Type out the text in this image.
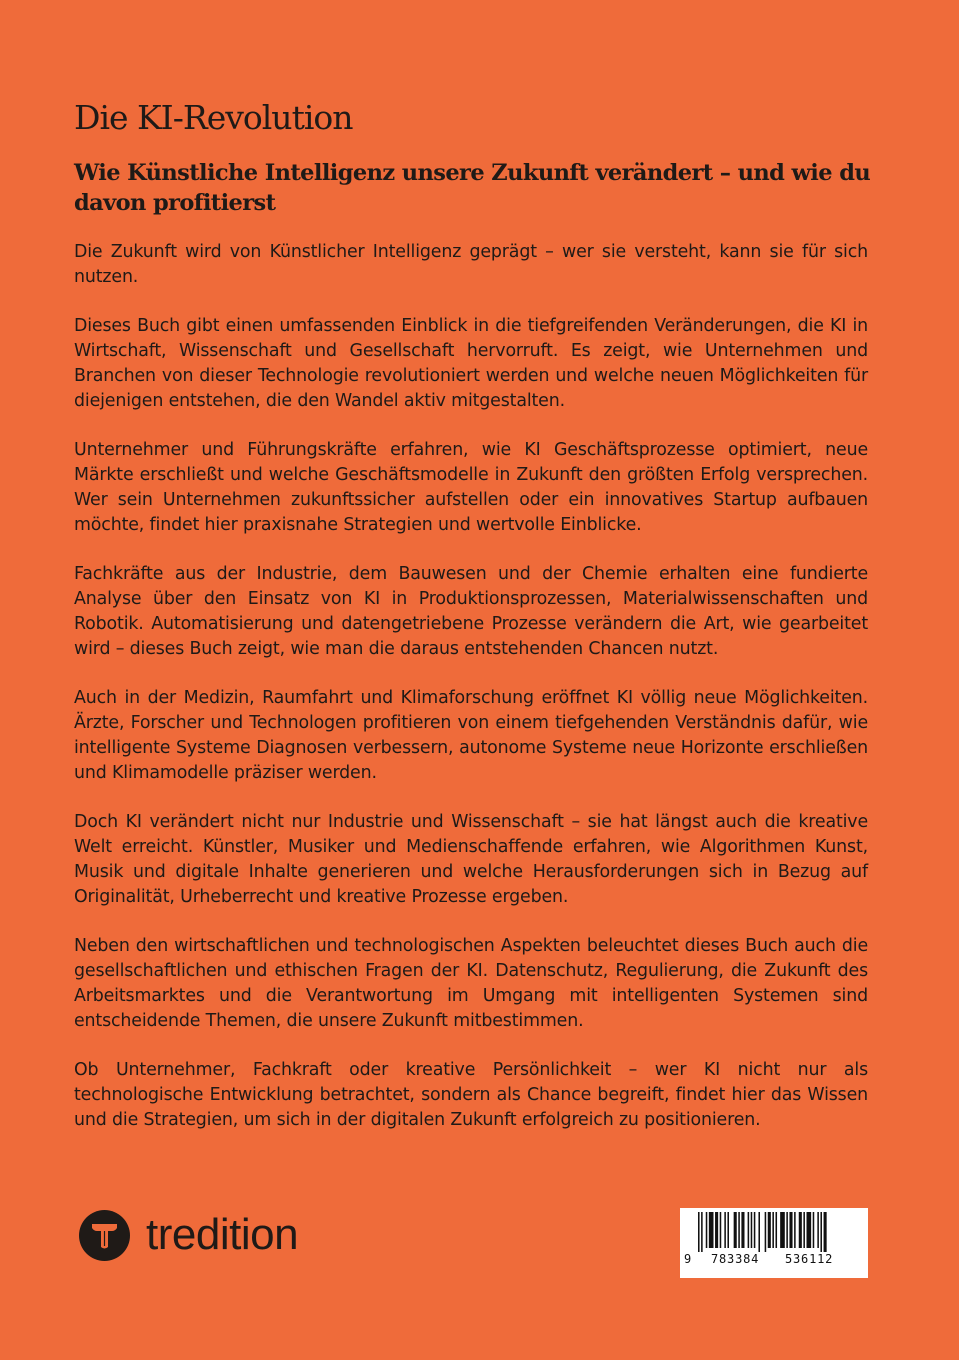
Die KI-Revolution
Wie Künstliche Intelligenz unsere Zukunft verändert – und wie du davon profitierst

Die Zukunft wird von Künstlicher Intelligenz geprägt – wer sie versteht, kann sie für sich nutzen.

Dieses Buch gibt einen umfassenden Einblick in die tiefgreifenden Veränderungen, die KI in Wirtschaft, Wissenschaft und Gesellschaft hervorruft. Es zeigt, wie Unternehmen und Branchen von dieser Technologie revolutioniert werden und welche neuen Möglichkeiten für diejenigen entstehen, die den Wandel aktiv mitgestalten.

Unternehmer und Führungskräfte erfahren, wie KI Geschäftsprozesse optimiert, neue Märkte erschließt und welche Geschäftsmodelle in Zukunft den größten Erfolg versprechen. Wer sein Unternehmen zukunftssicher aufstellen oder ein innovatives Startup aufbauen möchte, findet hier praxisnahe Strategien und wertvolle Einblicke.

Fachkräfte aus der Industrie, dem Bauwesen und der Chemie erhalten eine fundierte Analyse über den Einsatz von KI in Produktionsprozessen, Materialwissenschaften und Robotik. Automatisierung und datengetriebene Prozesse verändern die Art, wie gearbeitet wird – dieses Buch zeigt, wie man die daraus entstehenden Chancen nutzt.

Auch in der Medizin, Raumfahrt und Klimaforschung eröffnet KI völlig neue Möglichkeiten. Ärzte, Forscher und Technologen profitieren von einem tiefgehenden Verständnis dafür, wie intelligente Systeme Diagnosen verbessern, autonome Systeme neue Horizonte erschließen und Klimamodelle präziser werden.

Doch KI verändert nicht nur Industrie und Wissenschaft – sie hat längst auch die kreative Welt erreicht. Künstler, Musiker und Medienschaffende erfahren, wie Algorithmen Kunst, Musik und digitale Inhalte generieren und welche Herausforderungen sich in Bezug auf Originalität, Urheberrecht und kreative Prozesse ergeben.

Neben den wirtschaftlichen und technologischen Aspekten beleuchtet dieses Buch auch die gesellschaftlichen und ethischen Fragen der KI. Datenschutz, Regulierung, die Zukunft des Arbeitsmarktes und die Verantwortung im Umgang mit intelligenten Systemen sind entscheidende Themen, die unsere Zukunft mitbestimmen.

Ob Unternehmer, Fachkraft oder kreative Persönlichkeit – wer KI nicht nur als technologische Entwicklung betrachtet, sondern als Chance begreift, findet hier das Wissen und die Strategien, um sich in der digitalen Zukunft erfolgreich zu positionieren.

tredition	9 783384 536112
